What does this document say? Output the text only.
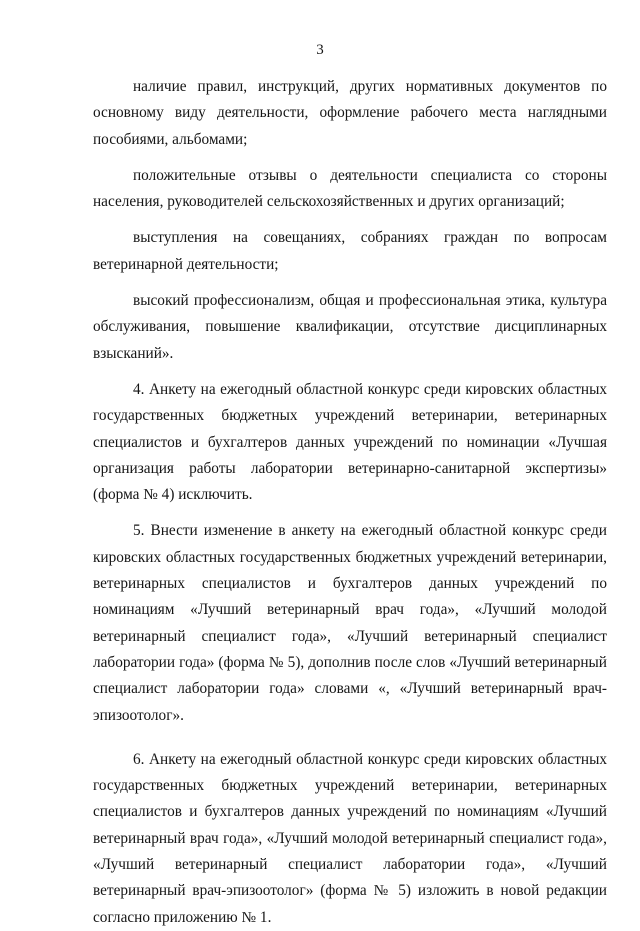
3

наличие правил, инструкций, других нормативных документов по основному виду деятельности, оформление рабочего места наглядными пособиями, альбомами;

положительные отзывы о деятельности специалиста со стороны населения, руководителей сельскохозяйственных и других организаций;

выступления на совещаниях, собраниях граждан по вопросам ветеринарной деятельности;

высокий профессионализм, общая и профессиональная этика, культура обслуживания, повышение квалификации, отсутствие дисциплинарных взысканий».

4. Анкету на ежегодный областной конкурс среди кировских областных государственных бюджетных учреждений ветеринарии, ветеринарных специалистов и бухгалтеров данных учреждений по номинации «Лучшая организация работы лаборатории ветеринарно-санитарной экспертизы» (форма № 4) исключить.

5. Внести изменение в анкету на ежегодный областной конкурс среди кировских областных государственных бюджетных учреждений ветеринарии, ветеринарных специалистов и бухгалтеров данных учреждений по номинациям «Лучший ветеринарный врач года», «Лучший молодой ветеринарный специалист года», «Лучший ветеринарный специалист лаборатории года» (форма № 5), дополнив после слов «Лучший ветеринарный специалист лаборатории года» словами «, «Лучший ветеринарный врач-эпизоотолог».

6. Анкету на ежегодный областной конкурс среди кировских областных государственных бюджетных учреждений ветеринарии, ветеринарных специалистов и бухгалтеров данных учреждений по номинациям «Лучший ветеринарный врач года», «Лучший молодой ветеринарный специалист года», «Лучший ветеринарный специалист лаборатории года», «Лучший ветеринарный врач-эпизоотолог» (форма № 5) изложить в новой редакции согласно приложению № 1.
